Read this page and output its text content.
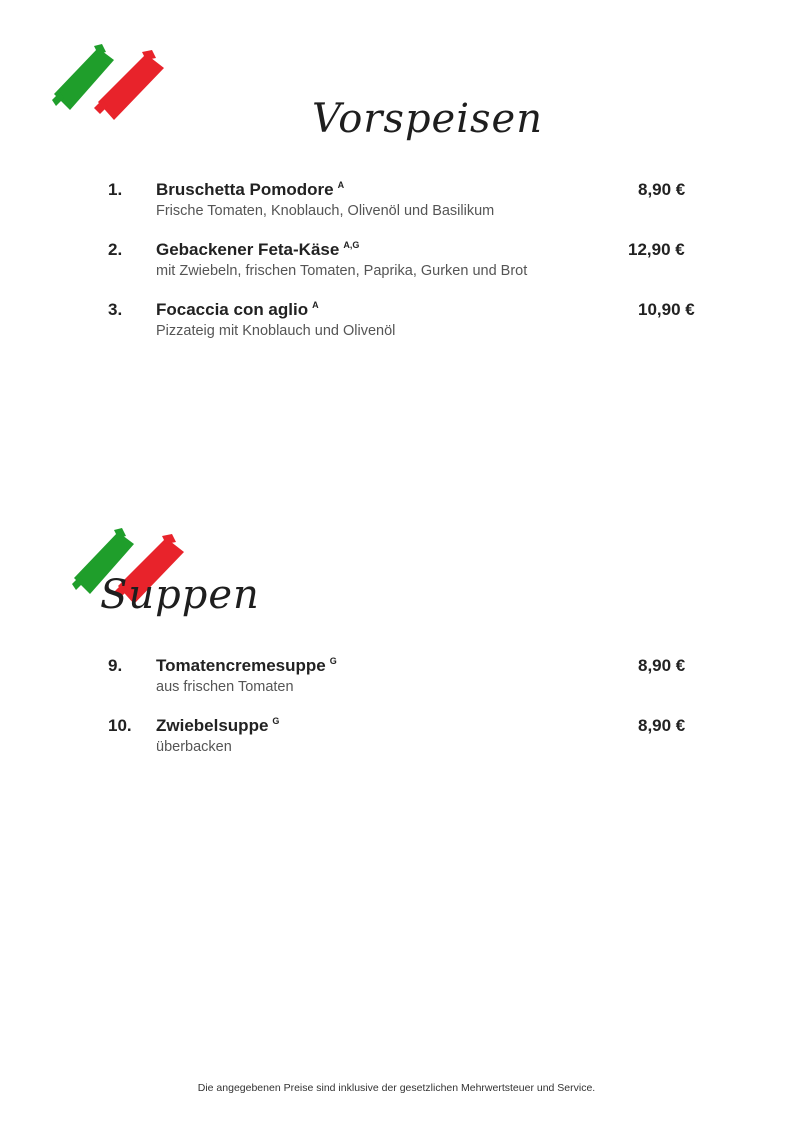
Vorspeisen
1. Bruschetta Pomodore $^A$
Frische Tomaten, Knoblauch, Olivenöl und Basilikum
8,90 €
2. Gebackener Feta-Käse $^{A,G}$
mit Zwiebeln, frischen Tomaten, Paprika, Gurken und Brot
12,90 €
3. Focaccia con aglio $^A$
Pizzateig mit Knoblauch und Olivenöl
10,90 €
Suppen
9. Tomatencremesuppe $^G$
aus frischen Tomaten
8,90 €
10. Zwiebelsuppe $^G$
überbacken
8,90 €
Die angegebenen Preise sind inklusive der gesetzlichen Mehrwertsteuer und Service.
